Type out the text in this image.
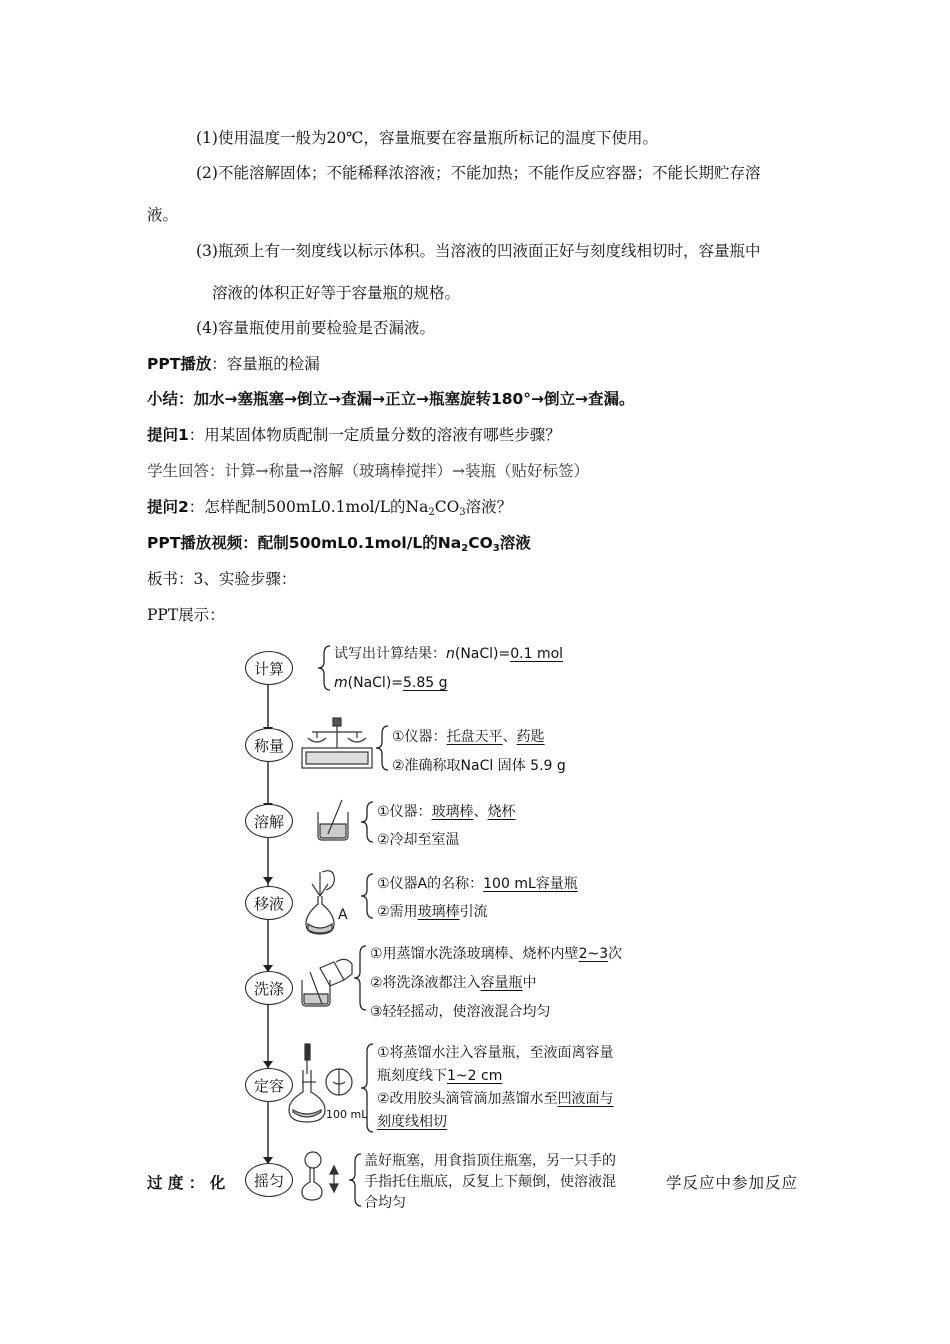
(1)使用温度一般为20℃，容量瓶要在容量瓶所标记的温度下使用。
(2)不能溶解固体；不能稀释浓溶液；不能加热；不能作反应容器；不能长期贮存溶
液。
(3)瓶颈上有一刻度线以标示体积。当溶液的凹液面正好与刻度线相切时，容量瓶中
溶液的体积正好等于容量瓶的规格。
(4)容量瓶使用前要检验是否漏液。
PPT播放：容量瓶的检漏
小结：加水→塞瓶塞→倒立→查漏→正立→瓶塞旋转180°→倒立→查漏。
提问1：用某固体物质配制一定质量分数的溶液有哪些步骤？
学生回答：计算→称量→溶解（玻璃棒搅拌）→装瓶（贴好标签）
提问2：怎样配制500mL0.1mol/L的$Na_2CO_3$溶液？
PPT播放视频：配制500mL0.1mol/L的$Na_2CO_3$溶液
板书：3、实验步骤：
PPT展示：
计算
称量
溶解
移液
洗涤
定容
摇匀
试写出计算结果：n(NaCl)=0.1 mol
m(NaCl)=5.85 g
①仪器：托盘天平、药匙
②准确称取NaCl 固体 5.9 g
①仪器：玻璃棒、烧杯
②冷却至室温
A
①仪器A的名称：100 mL容量瓶
②需用玻璃棒引流
①用蒸馏水洗涤玻璃棒、烧杯内壁2~3次
②将洗涤液都注入容量瓶中
③轻轻摇动，使溶液混合均匀
100 mL
①将蒸馏水注入容量瓶，至液面离容量
瓶刻度线下1~2 cm
②改用胶头滴管滴加蒸馏水至凹液面与
刻度线相切
盖好瓶塞，用食指顶住瓶塞，另一只手的
手指托住瓶底，反复上下颠倒，使溶液混
合均匀
过 度 ： 化	学反应中参加反应
